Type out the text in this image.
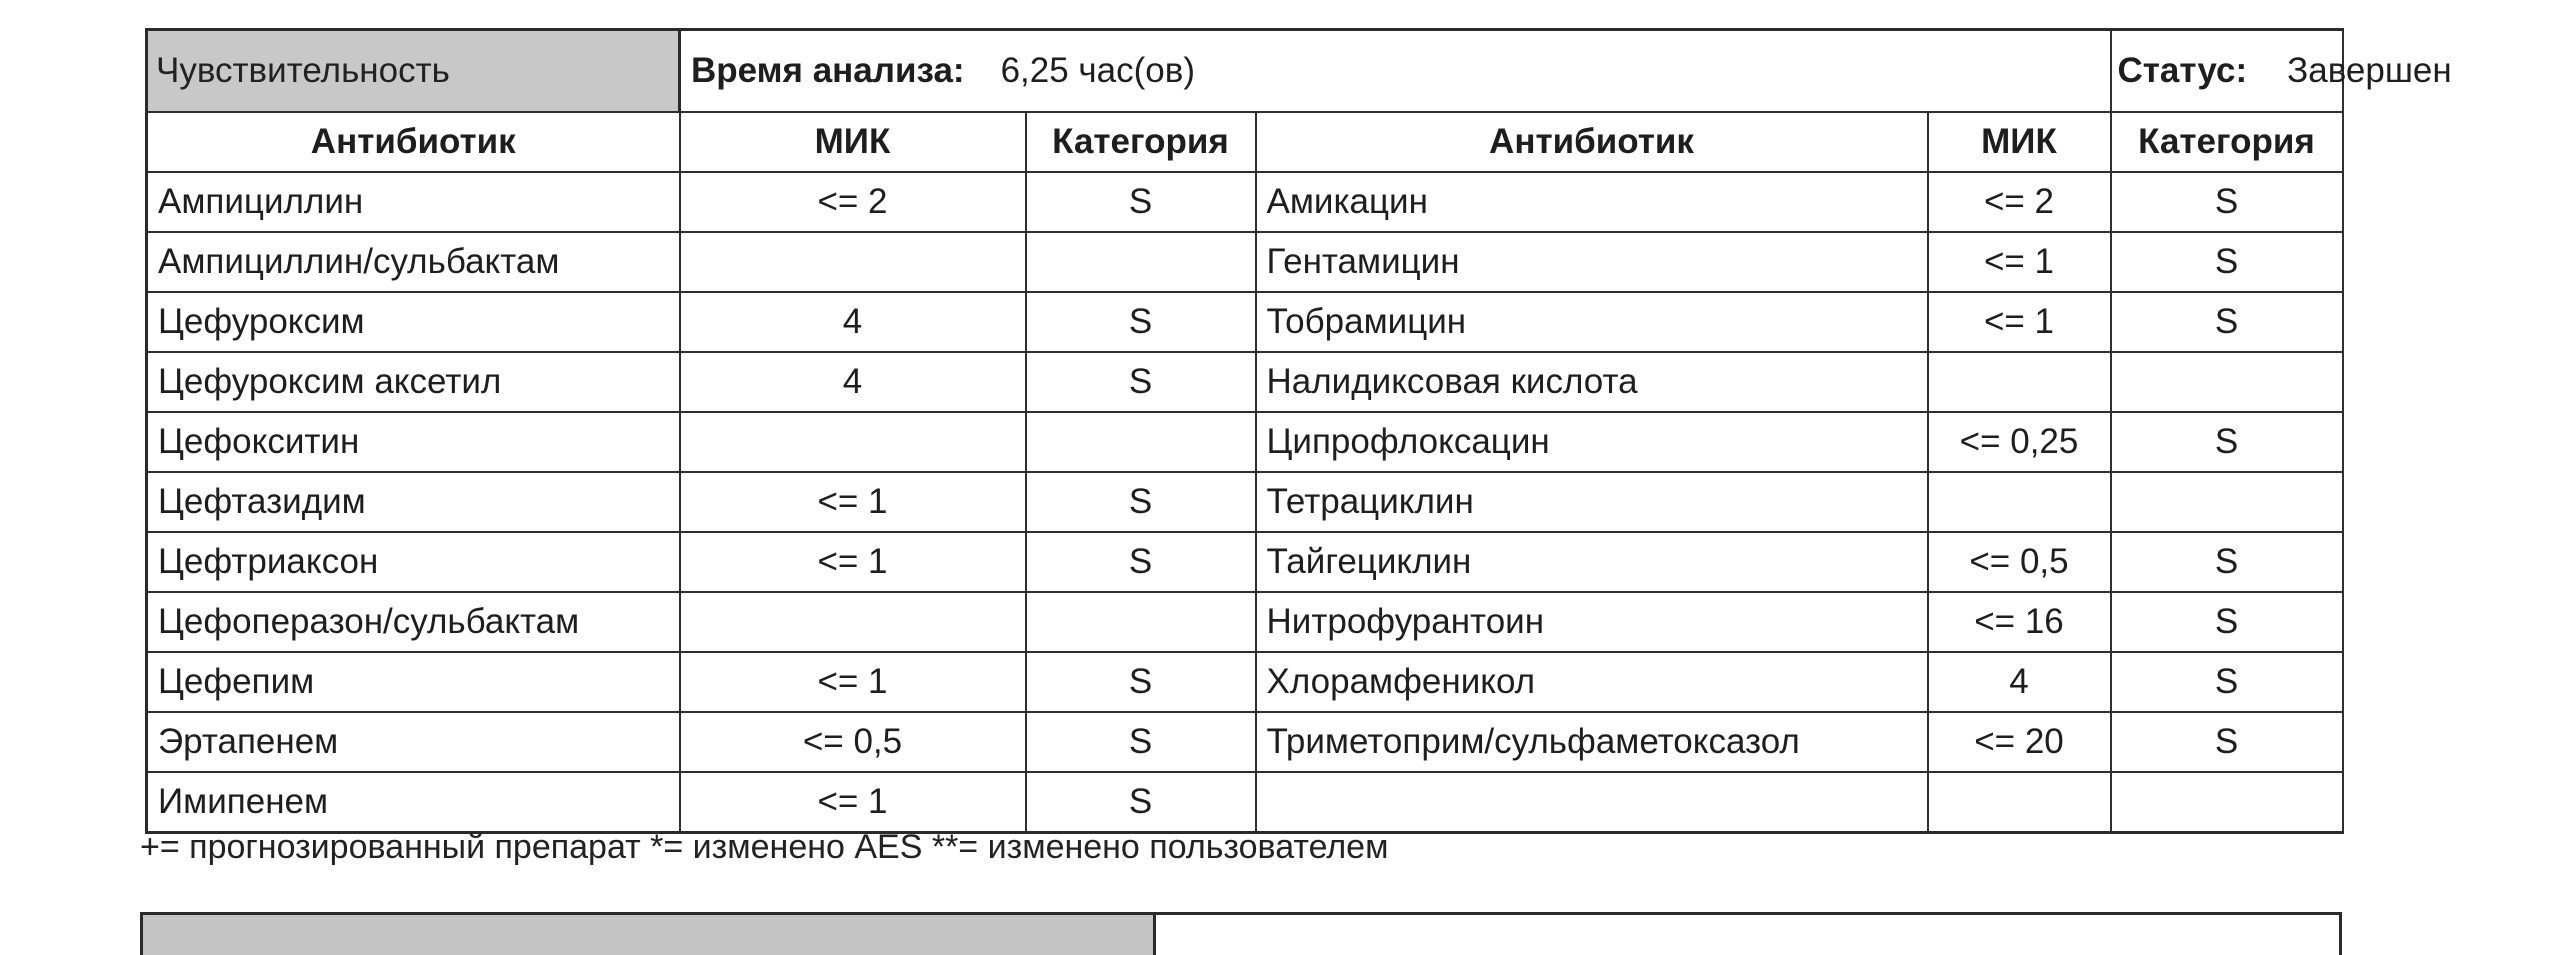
Чувствительность	Время анализа: 6,25 час(ов)				Статус: Завершен
Антибиотик	МИК	Категория	Антибиотик	МИК	Категория
Ампициллин	<= 2	S	Амикацин	<= 2	S
Ампициллин/сульбактам			Гентамицин	<= 1	S
Цефуроксим	4	S	Тобрамицин	<= 1	S
Цефуроксим аксетил	4	S	Налидиксовая кислота		
Цефокситин			Ципрофлоксацин	<= 0,25	S
Цефтазидим	<= 1	S	Тетрациклин		
Цефтриаксон	<= 1	S	Тайгециклин	<= 0,5	S
Цефоперазон/сульбактам			Нитрофурантоин	<= 16	S
Цефепим	<= 1	S	Хлорамфеникол	4	S
Эртапенем	<= 0,5	S	Триметоприм/сульфаметоксазол	<= 20	S
Имипенем	<= 1	S			
+= прогнозированный препарат *= изменено AES **= изменено пользователем
